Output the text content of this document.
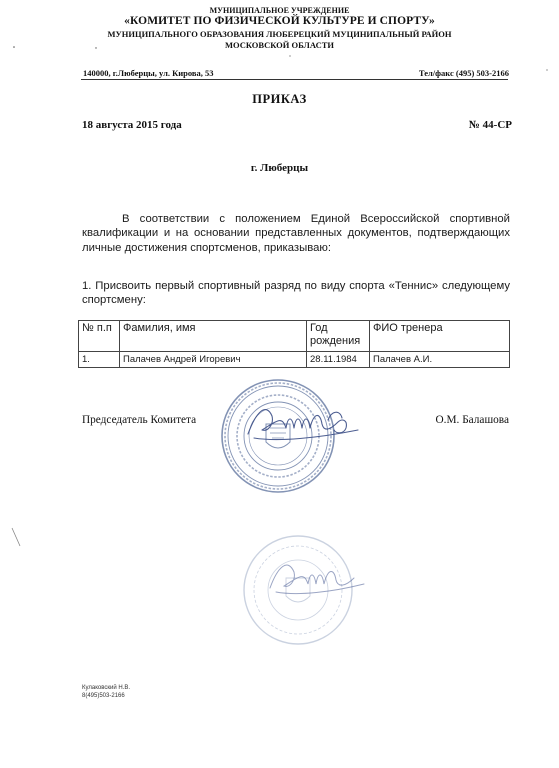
МУНИЦИПАЛЬНОЕ УЧРЕЖДЕНИЕ
«КОМИТЕТ ПО ФИЗИЧЕСКОЙ КУЛЬТУРЕ И СПОРТУ»
МУНИЦИПАЛЬНОГО ОБРАЗОВАНИЯ ЛЮБЕРЕЦКИЙ МУЦИНИПАЛЬНЫЙ РАЙОН
МОСКОВСКОЙ ОБЛАСТИ
140000, г.Люберцы, ул. Кирова, 53	Тел/факс (495) 503-2166
ПРИКАЗ
18 августа 2015 года	№ 44-СР
г. Люберцы
В соответствии с положением Единой Всероссийской спортивной квалификации и на основании представленных документов, подтверждающих личные достижения спортсменов, приказываю:
1. Присвоить первый спортивный разряд по виду спорта «Теннис» следующему спортсмену:
№ п.п	Фамилия, имя	Год рождения	ФИО тренера
1.	Палачев Андрей Игоревич	28.11.1984	Палачев А.И.
Председатель Комитета	О.М. Балашова
Кулаковский Н.В.
8(495)503-2166
